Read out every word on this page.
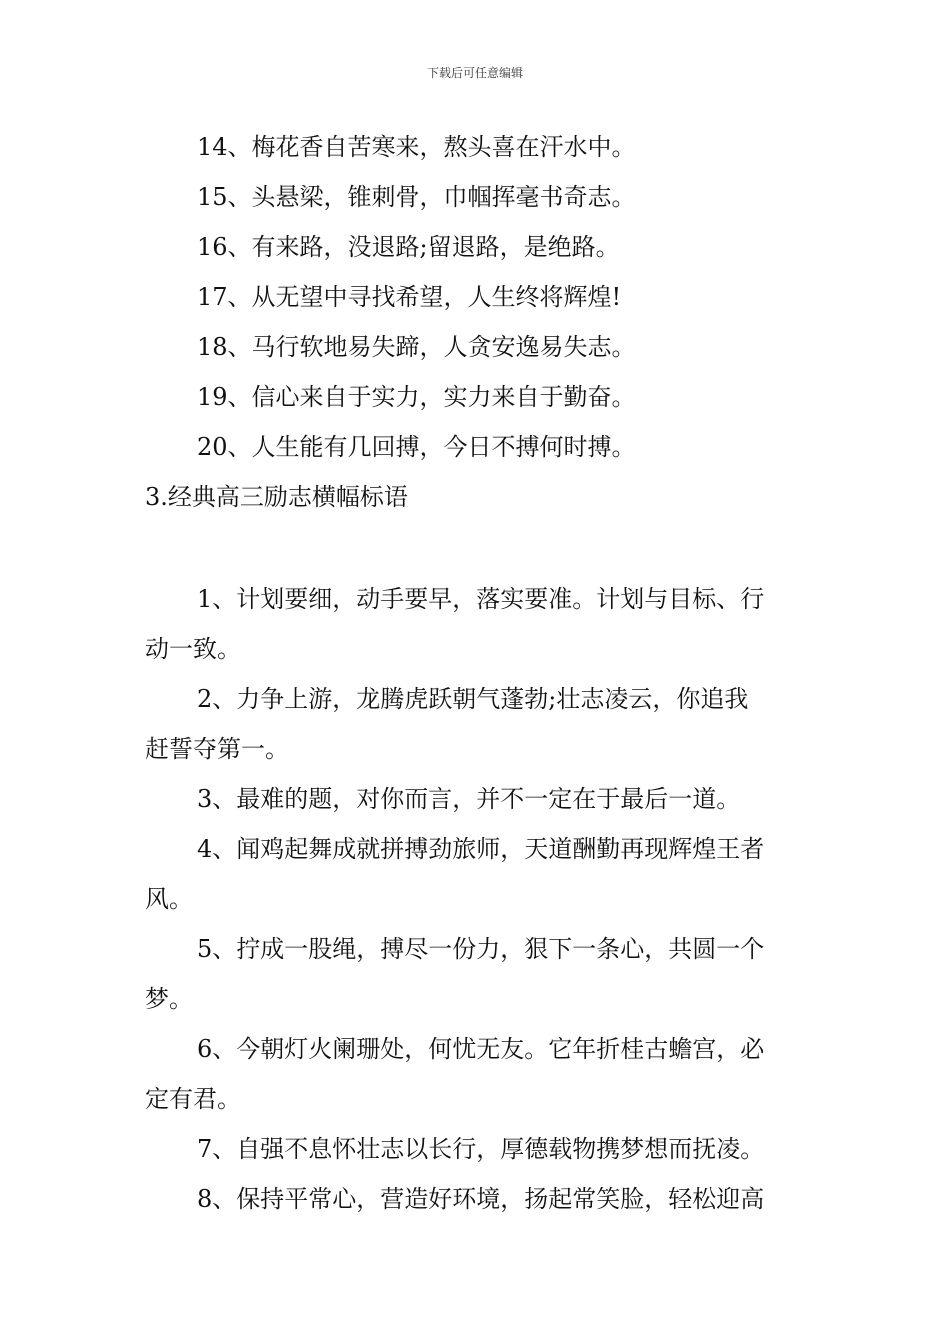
下载后可任意编辑
14、梅花香自苦寒来，熬头喜在汗水中。
15、头悬梁，锥刺骨，巾帼挥毫书奇志。
16、有来路，没退路;留退路，是绝路。
17、从无望中寻找希望，人生终将辉煌!
18、马行软地易失蹄，人贪安逸易失志。
19、信心来自于实力，实力来自于勤奋。
20、人生能有几回搏，今日不搏何时搏。
3.经典高三励志横幅标语
1、计划要细，动手要早，落实要准。计划与目标、行
动一致。
2、力争上游，龙腾虎跃朝气蓬勃;壮志凌云，你追我
赶誓夺第一。
3、最难的题，对你而言，并不一定在于最后一道。
4、闻鸡起舞成就拼搏劲旅师，天道酬勤再现辉煌王者
风。
5、拧成一股绳，搏尽一份力，狠下一条心，共圆一个
梦。
6、今朝灯火阑珊处，何忧无友。它年折桂古蟾宫，必
定有君。
7、自强不息怀壮志以长行，厚德载物携梦想而抚凌。
8、保持平常心，营造好环境，扬起常笑脸，轻松迎高
